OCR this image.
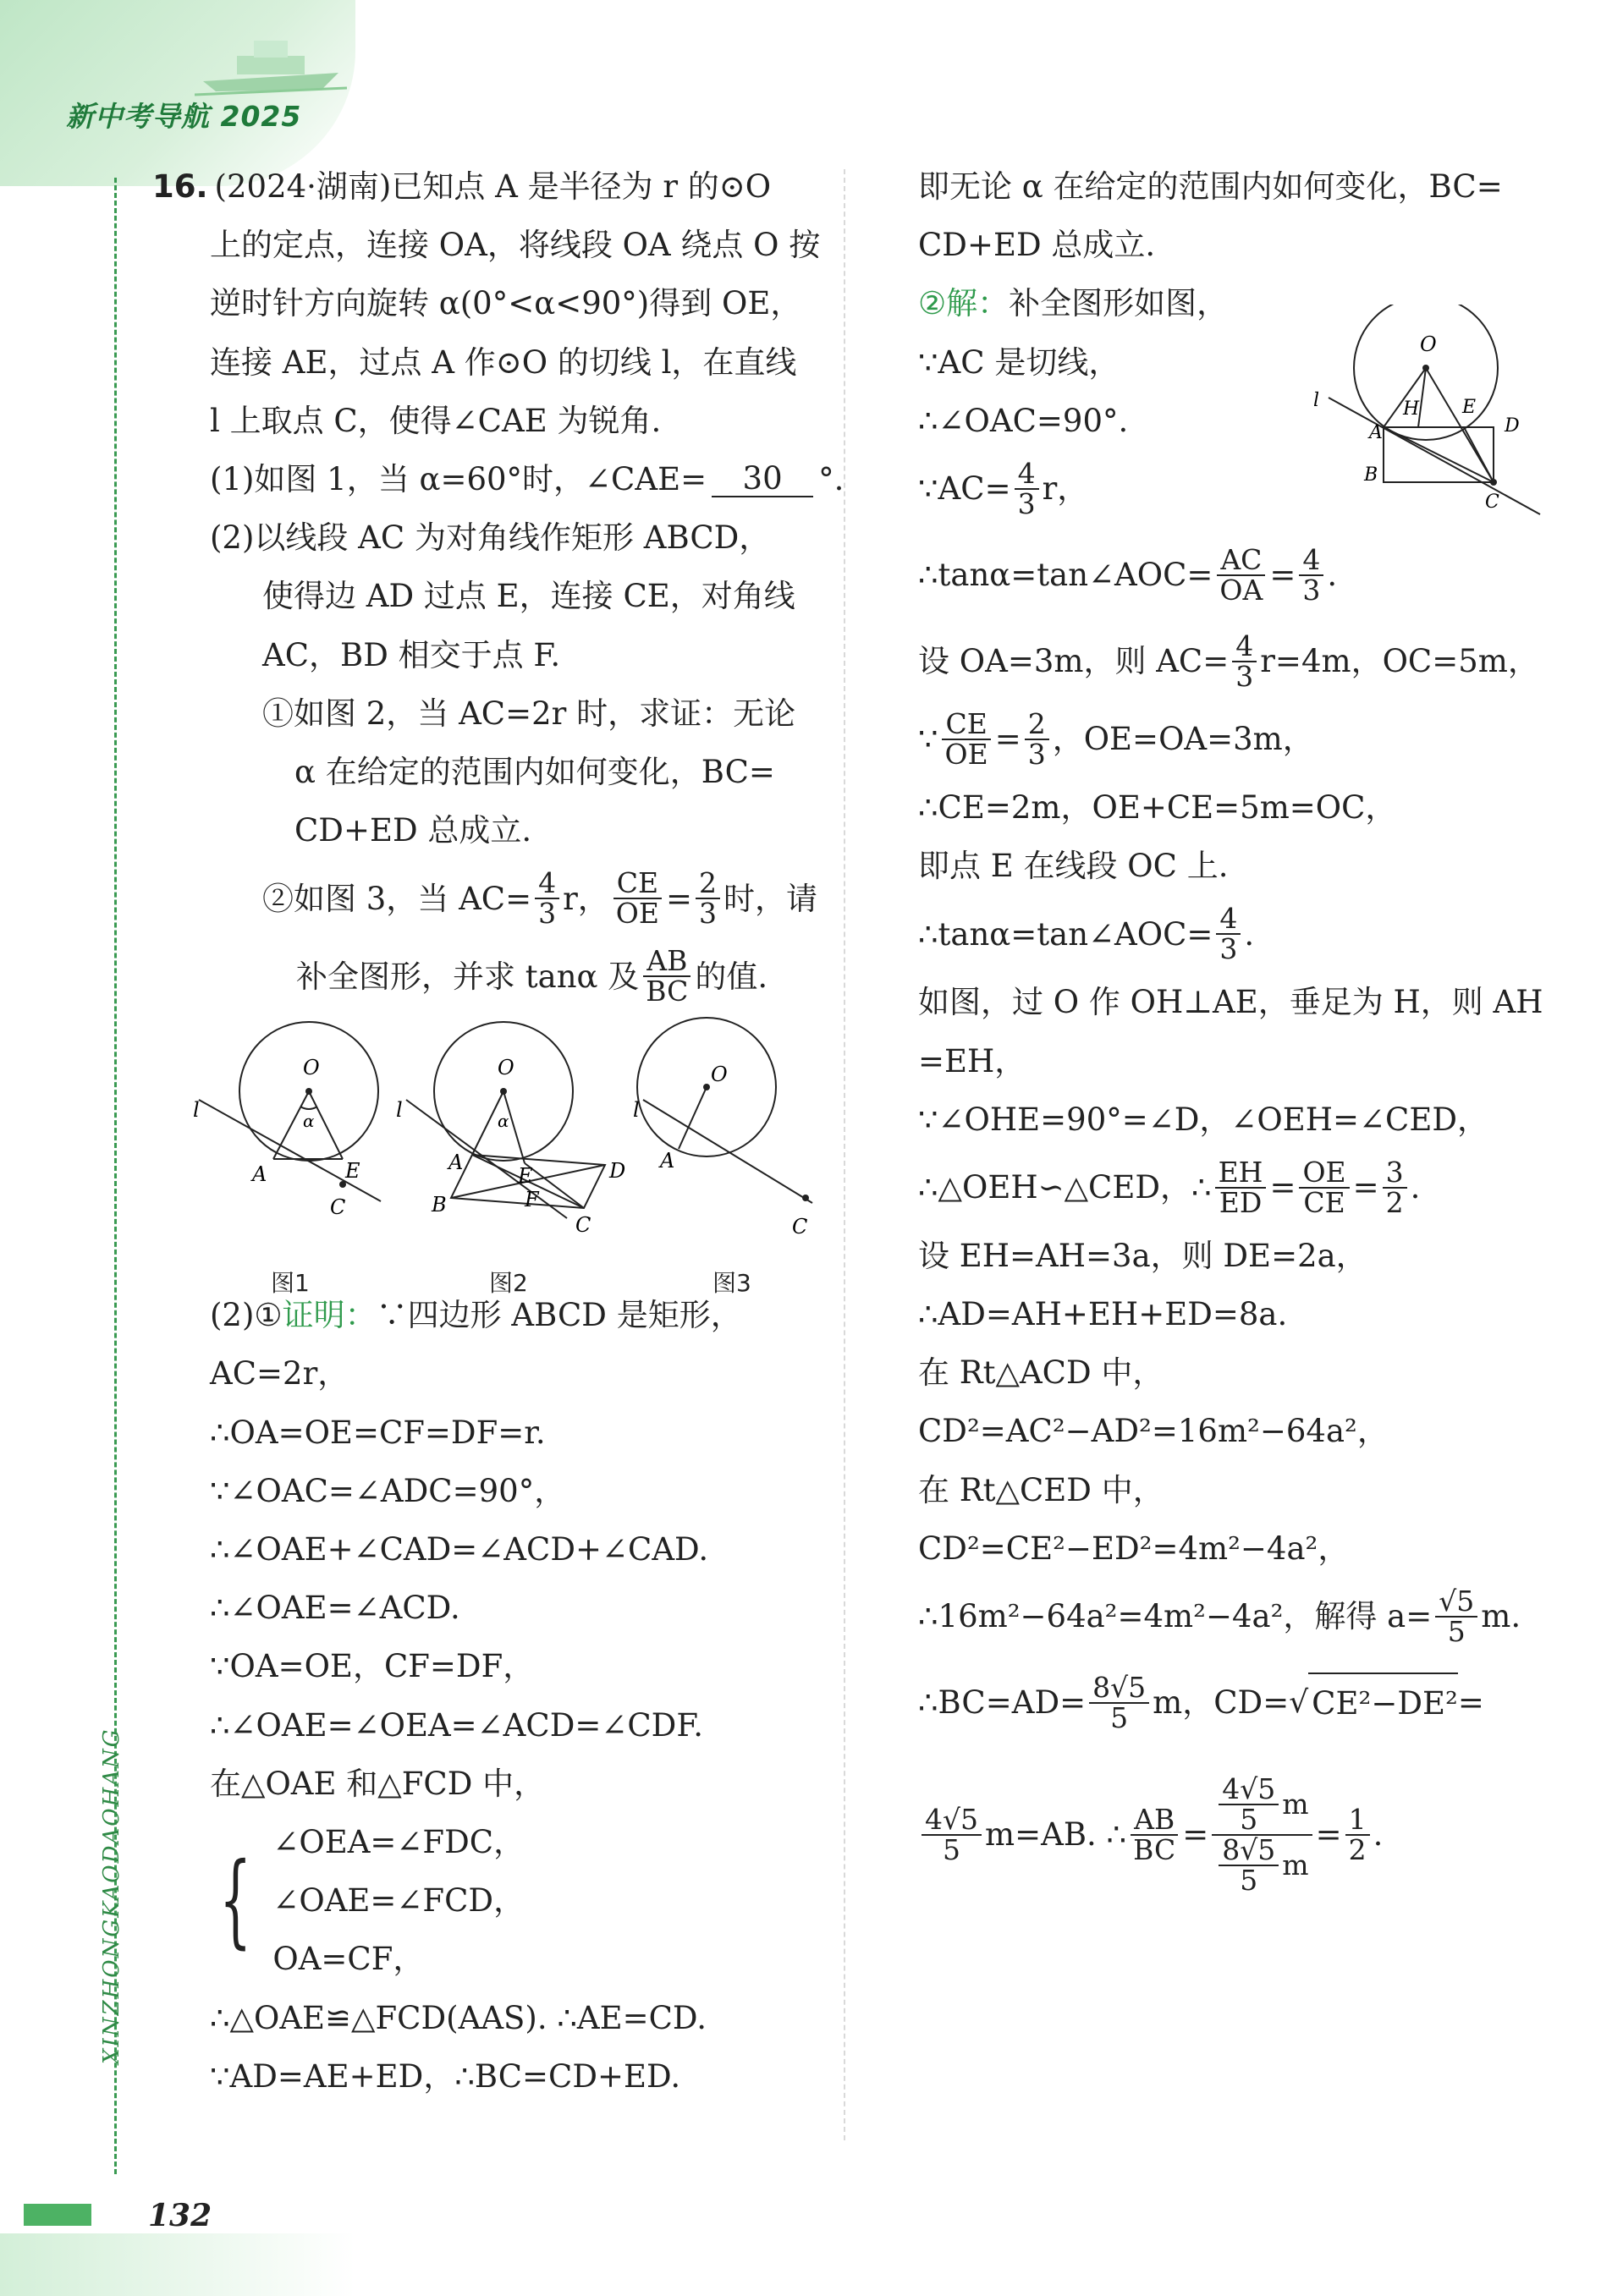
新中考导航 2025
XINZHONGKAODAOHANG
132
16. (2024·湖南)已知点 A 是半径为 r 的⊙O
上的定点，连接 OA，将线段 OA 绕点 O 按
逆时针方向旋转 α(0°<α<90°)得到 OE，
连接 AE，过点 A 作⊙O 的切线 l，在直线
l 上取点 C，使得∠CAE 为锐角.
(1)如图 1，当 α=60°时，∠CAE=	30	°.
(2)以线段 AC 为对角线作矩形 ABCD，
使得边 AD 过点 E，连接 CE，对角线
AC，BD 相交于点 F.
①如图 2，当 AC=2r 时，求证：无论
α 在给定的范围内如何变化，BC=
CD+ED 总成立.
②如图 3，当 $AC= \frac{4}{3}$ r， $\frac{CE}{OE} = \frac{2}{3}$ 时，请
补全图形，并求 tanα 及 $\frac{AB}{BC}$ 的值.
O
α
A	E
C
l
O
α
A
E	D
B	F
C
l
O
A
C
l
图1	图2	图3
(2)① 证明： ∵四边形 ABCD 是矩形，
AC=2r，
∴OA=OE=CF=DF=r.
∵∠OAC=∠ADC=90°，
∴∠OAE+∠CAD=∠ACD+∠CAD.
∴∠OAE=∠ACD.
∵OA=OE，CF=DF，
∴∠OAE=∠OEA=∠ACD=∠CDF.
在△OAE 和△FCD 中，
{ ∠OEA=∠FDC，
∠OAE=∠FCD，
OA=CF，
∴△OAE≌△FCD(AAS). ∴AE=CD.
∵AD=AE+ED，∴BC=CD+ED.
即无论 α 在给定的范围内如何变化，BC=
CD+ED 总成立.
② 解： 补全图形如图，
∵AC 是切线，
∴∠OAC=90°.
∵AC= $\frac{4}{3}$ r，
∴tanα=tan∠AOC= $\frac{AC}{OA} = \frac{4}{3}$ .
设 OA=3m，则 $AC= \frac{4}{3} r=4m$，OC=5m，
∵ $\frac{CE}{OE} = \frac{2}{3}$ ，OE=OA=3m，
∴CE=2m，OE+CE=5m=OC，
即点 E 在线段 OC 上.
∴tanα=tan∠AOC= $\frac{4}{3}$ .
如图，过 O 作 OH⊥AE，垂足为 H，则 AH
=EH，
∵∠OHE=90°=∠D，∠OEH=∠CED，
∴△OEH∽△CED，∴ $\frac{EH}{ED} = \frac{OE}{CE} = \frac{3}{2}$ .
设 EH=AH=3a，则 DE=2a，
∴AD=AH+EH+ED=8a.
在 Rt△ACD 中，
CD²=AC²−AD²=16m²−64a²，
在 Rt△CED 中，
CD²=CE²−ED²=4m²−4a²，
∴16m²−64a²=4m²−4a²，解得 $a= \frac{√5}{5} m$.
∴BC=AD= $\frac{8√5}{5}$ m，CD= √ CE²−DE² =
$\frac{4√5}{5} m=AB$. ∴ $\frac{AB}{BC} = \frac{\frac{4√5}{5} m}{\frac{8√5}{5} m} = \frac{1}{2}$ .
O
H E
A	D
B
C
l
